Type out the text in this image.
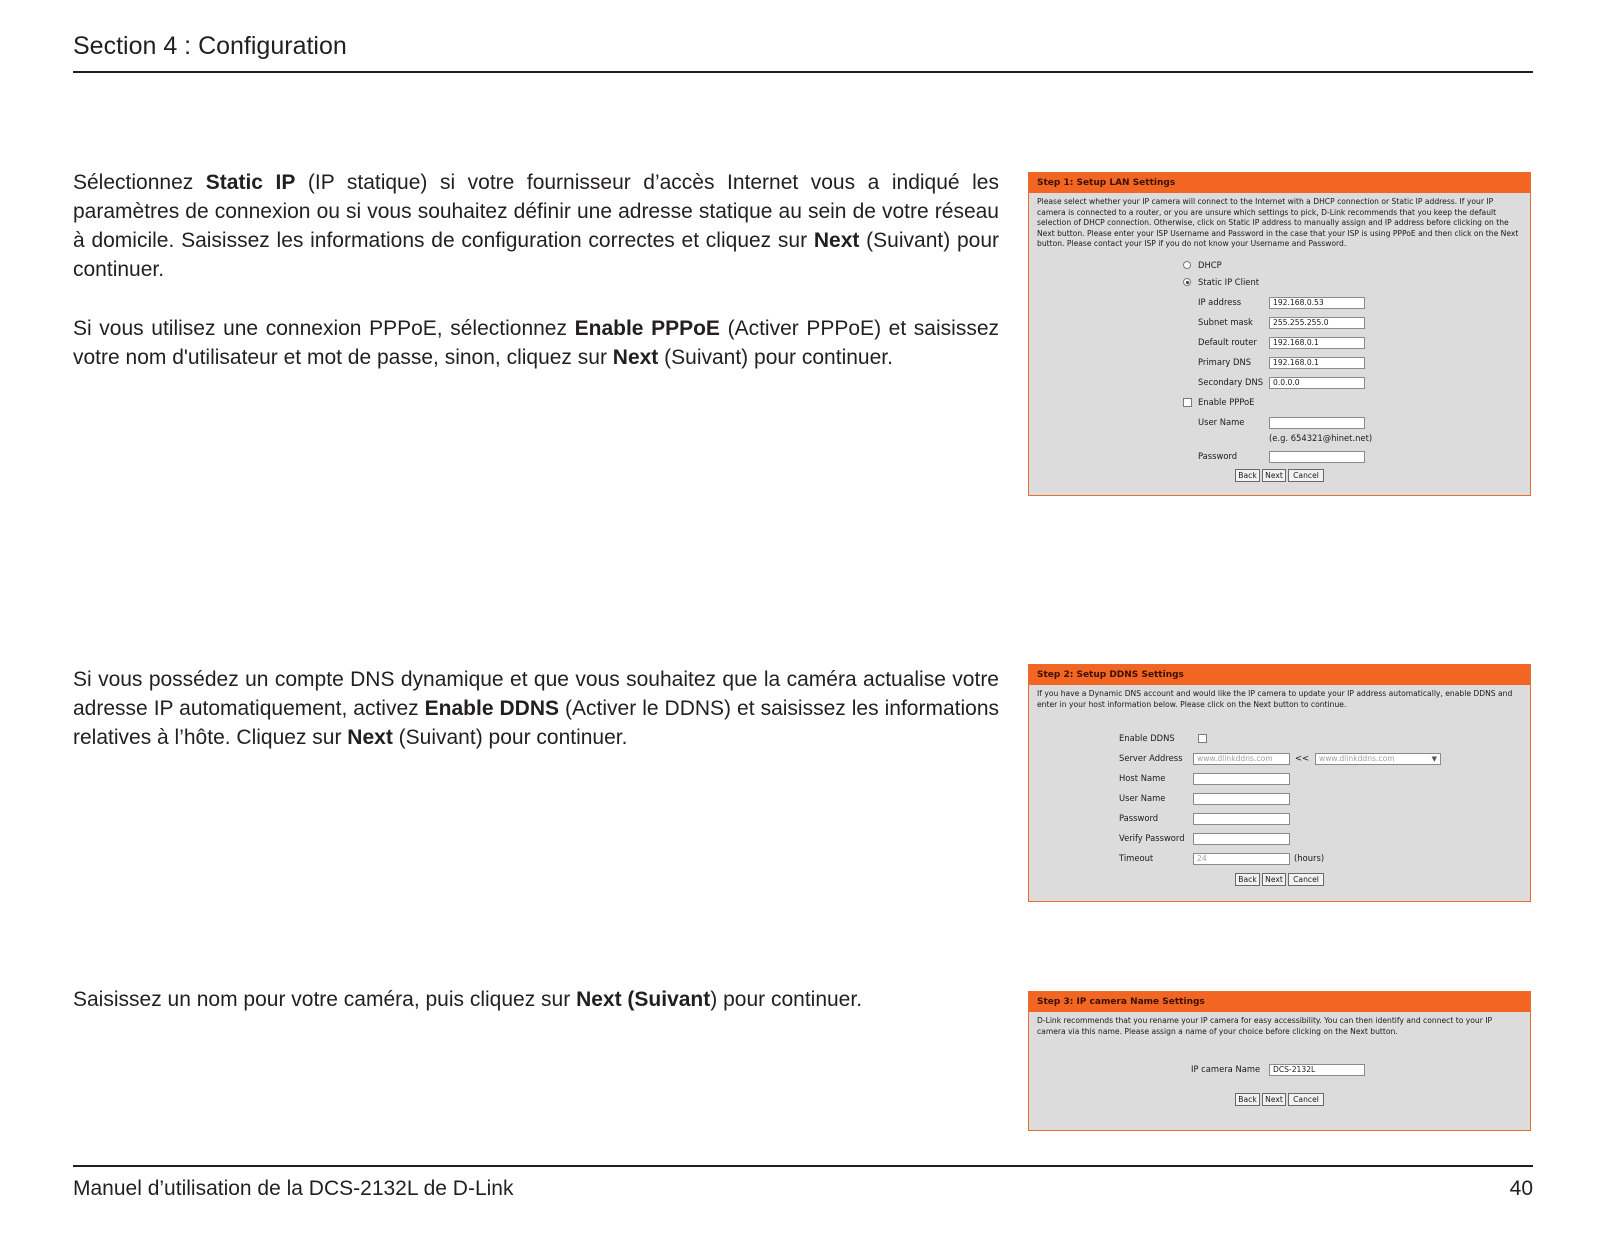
Section 4 : Configuration

Sélectionnez Static IP (IP statique) si votre fournisseur d’accès Internet vous a indiqué les paramètres de connexion ou si vous souhaitez définir une adresse statique au sein de votre réseau à domicile. Saisissez les informations de configuration correctes et cliquez sur Next (Suivant) pour continuer.

Si vous utilisez une connexion PPPoE, sélectionnez Enable PPPoE (Activer PPPoE) et saisissez votre nom d'utilisateur et mot de passe, sinon, cliquez sur Next (Suivant) pour continuer.

Si vous possédez un compte DNS dynamique et que vous souhaitez que la caméra actualise votre adresse IP automatiquement, activez Enable DDNS (Activer le DDNS) et saisissez les informations relatives à l’hôte. Cliquez sur Next (Suivant) pour continuer.

Saisissez un nom pour votre caméra, puis cliquez sur Next (Suivant) pour continuer.

Step 1: Setup LAN Settings
Please select whether your IP camera will connect to the Internet with a DHCP connection or Static IP address. If your IP camera is connected to a router, or you are unsure which settings to pick, D-Link recommends that you keep the default selection of DHCP connection. Otherwise, click on Static IP address to manually assign and IP address before clicking on the Next button. Please enter your ISP Username and Password in the case that your ISP is using PPPoE and then click on the Next button. Please contact your ISP if you do not know your Username and Password.
DHCP
Static IP Client
IP address	192.168.0.53
Subnet mask	255.255.255.0
Default router	192.168.0.1
Primary DNS	192.168.0.1
Secondary DNS	0.0.0.0
Enable PPPoE
User Name
(e.g. 654321@hinet.net)
Password
Back	Next	Cancel
Step 2: Setup DDNS Settings
If you have a Dynamic DNS account and would like the IP camera to update your IP address automatically, enable DDNS and enter in your host information below. Please click on the Next button to continue.
Enable DDNS
Server Address	www.dlinkddns.com	<<	www.dlinkddns.com	▼
Host Name
User Name
Password
Verify Password
Timeout	24	(hours)
Back	Next	Cancel
Step 3: IP camera Name Settings
D-Link recommends that you rename your IP camera for easy accessibility. You can then identify and connect to your IP camera via this name. Please assign a name of your choice before clicking on the Next button.
IP camera Name	DCS-2132L
Back	Next	Cancel
Manuel d’utilisation de la DCS-2132L de D-Link	40
